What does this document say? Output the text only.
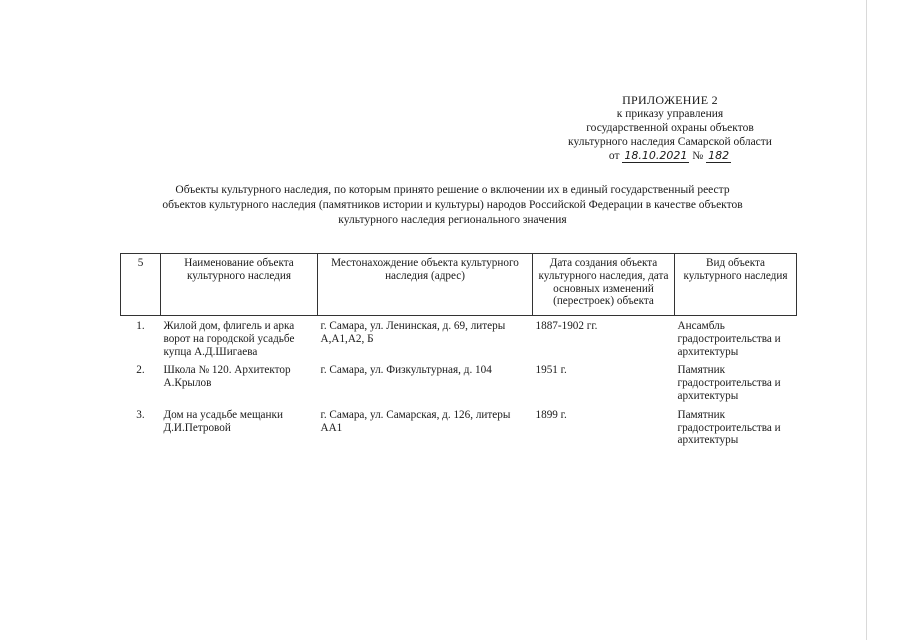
ПРИЛОЖЕНИЕ 2
к приказу управления
государственной охраны объектов
культурного наследия Самарской области
от 18.10.2021 № 182
Объекты культурного наследия, по которым принято решение о включении их в единый государственный реестр
объектов культурного наследия (памятников истории и культуры) народов Российской Федерации в качестве объектов
культурного наследия регионального значения
5	Наименование объекта культурного наследия	Местонахождение объекта культурного наследия (адрес)	Дата создания объекта культурного наследия, дата основных изменений (перестроек) объекта	Вид объекта культурного наследия
1.	Жилой дом, флигель и арка ворот на городской усадьбе купца А.Д.Шигаева	г. Самара, ул. Ленинская, д. 69, литеры А,А1,А2, Б	1887-1902 гг.	Ансамбль градостроительства и архитектуры
2.	Школа № 120. Архитектор А.Крылов	г. Самара, ул. Физкультурная, д. 104	1951 г.	Памятник градостроительства и архитектуры
3.	Дом на усадьбе мещанки Д.И.Петровой	г. Самара, ул. Самарская, д. 126, литеры АА1	1899 г.	Памятник градостроительства и архитектуры
